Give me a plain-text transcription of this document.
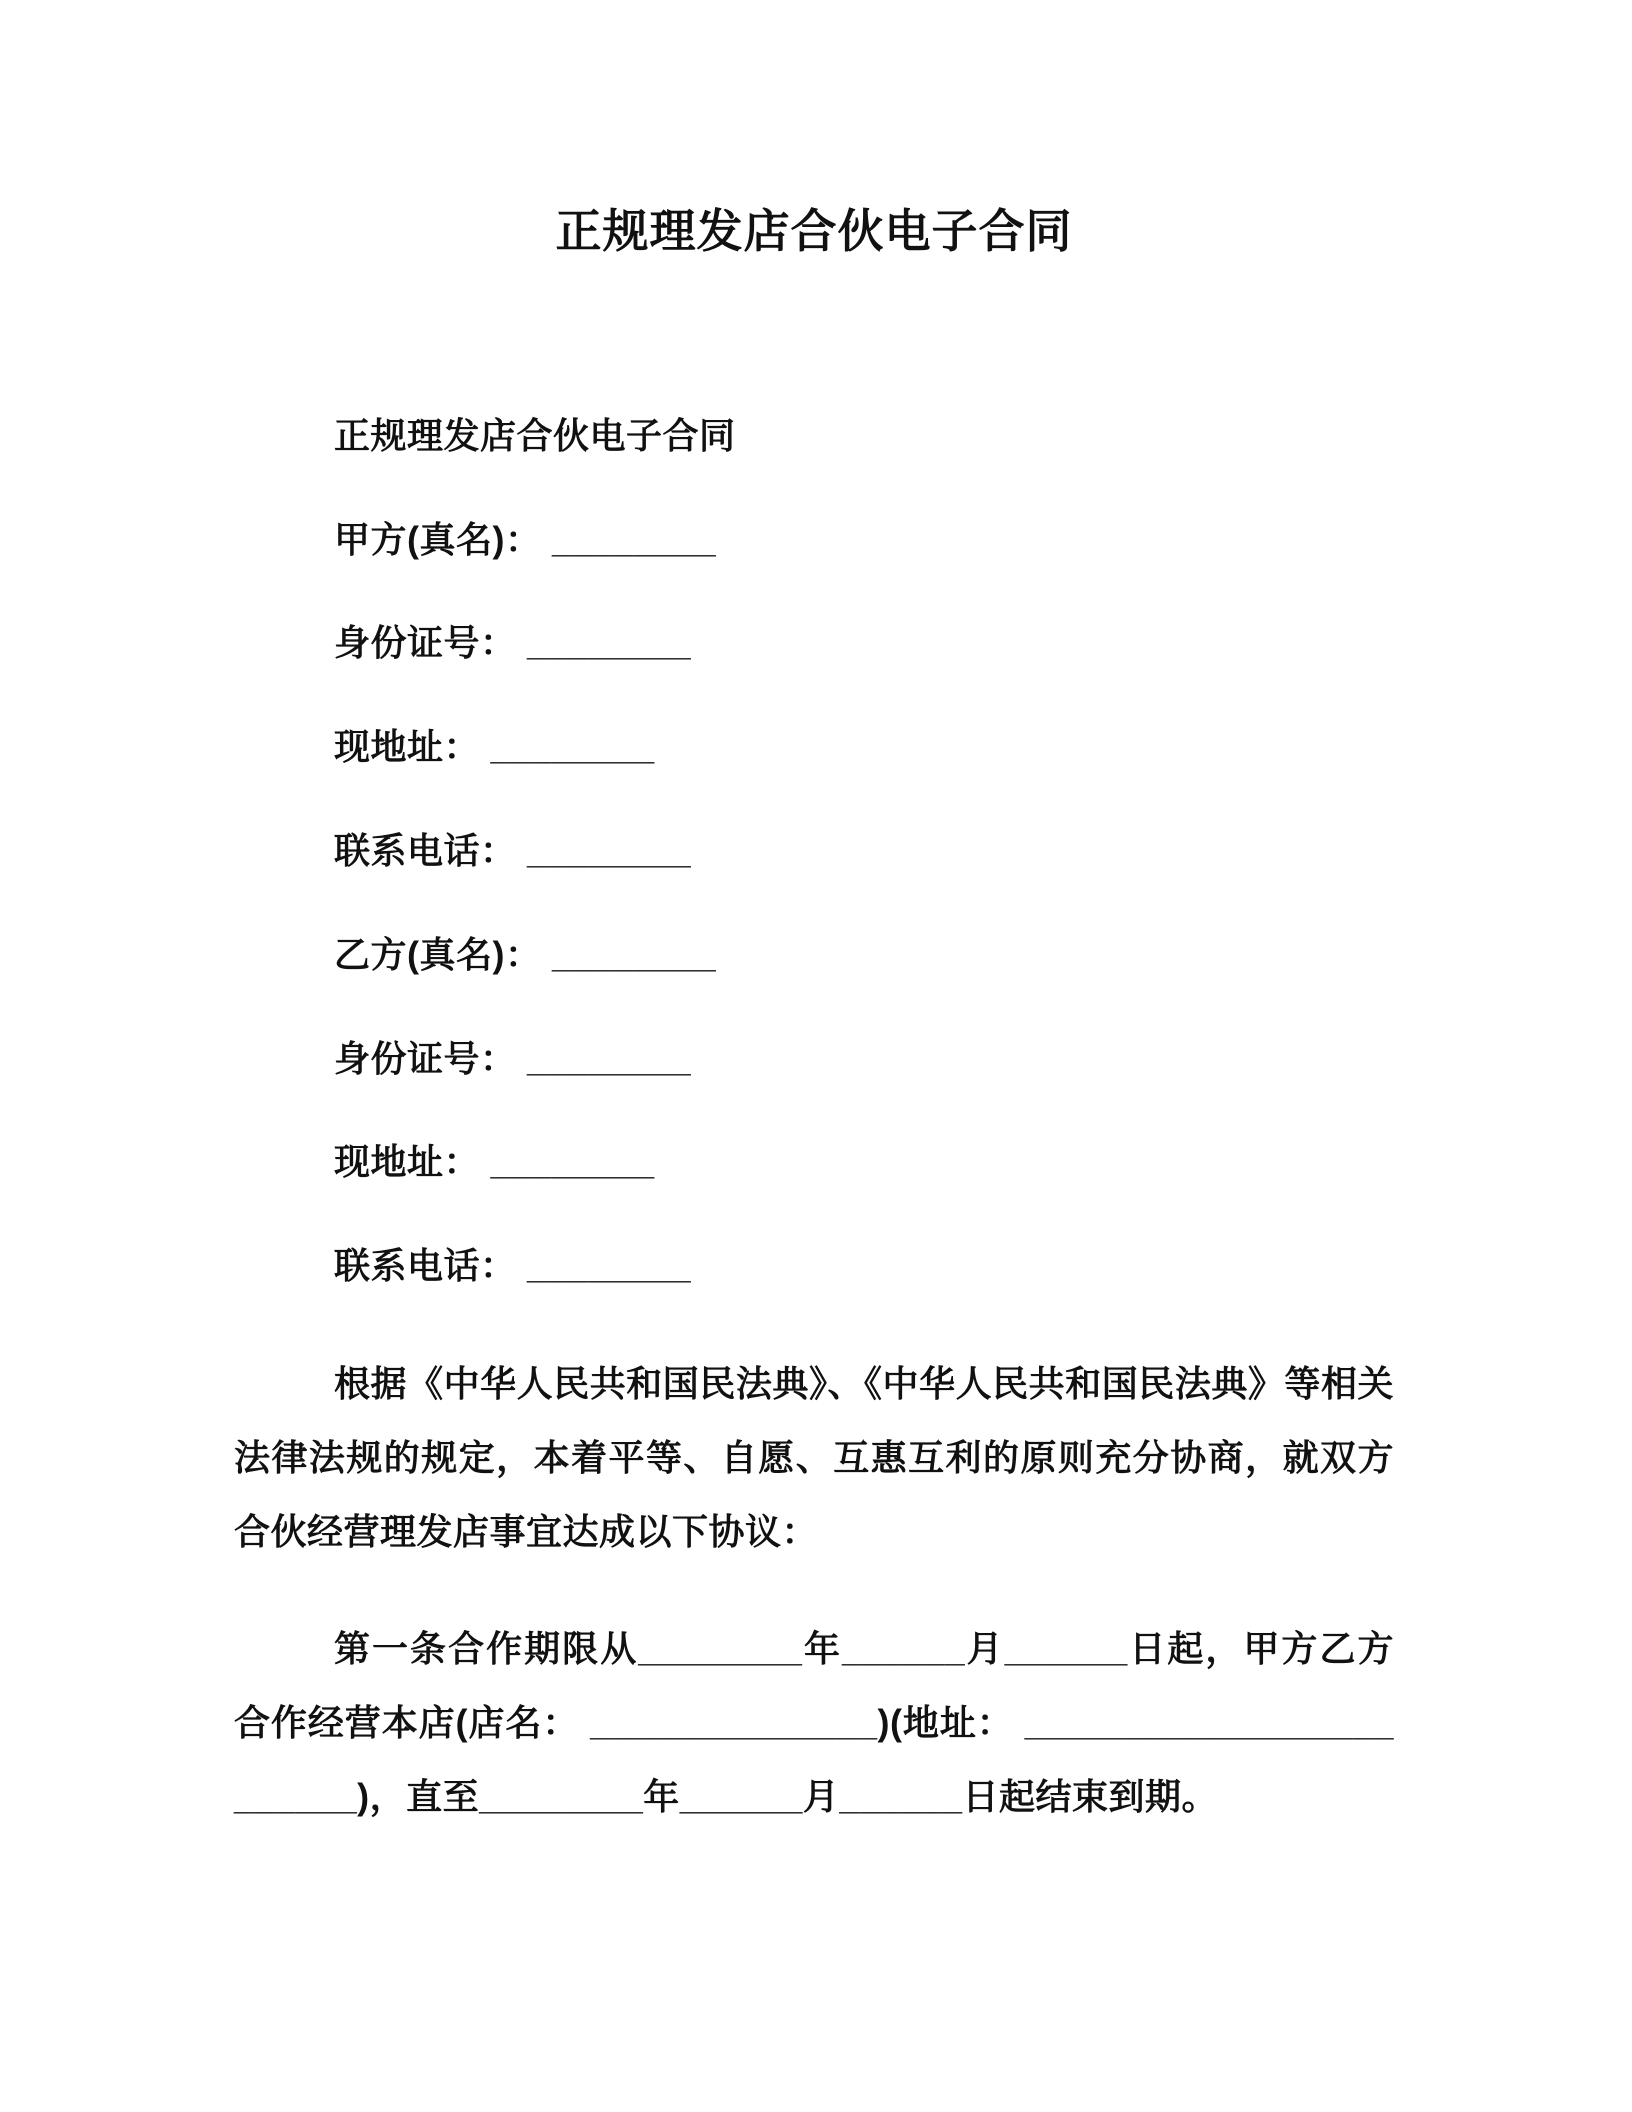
正规理发店合伙电子合同

正规理发店合伙电子合同

甲方(真名)： ________

身份证号： ________

现地址： ________

联系电话： ________

乙方(真名)： ________

身份证号： ________

现地址： ________

联系电话： ________

根据《中华人民共和国民法典》、《中华人民共和国民法典》等相关法律法规的规定，本着平等、自愿、互惠互利的原则充分协商，就双方合伙经营理发店事宜达成以下协议：

第一条合作期限从________年______月______日起，甲方乙方合作经营本店(店名： ______________)(地址： ________________________)，直至________年______月______日起结束到期。
